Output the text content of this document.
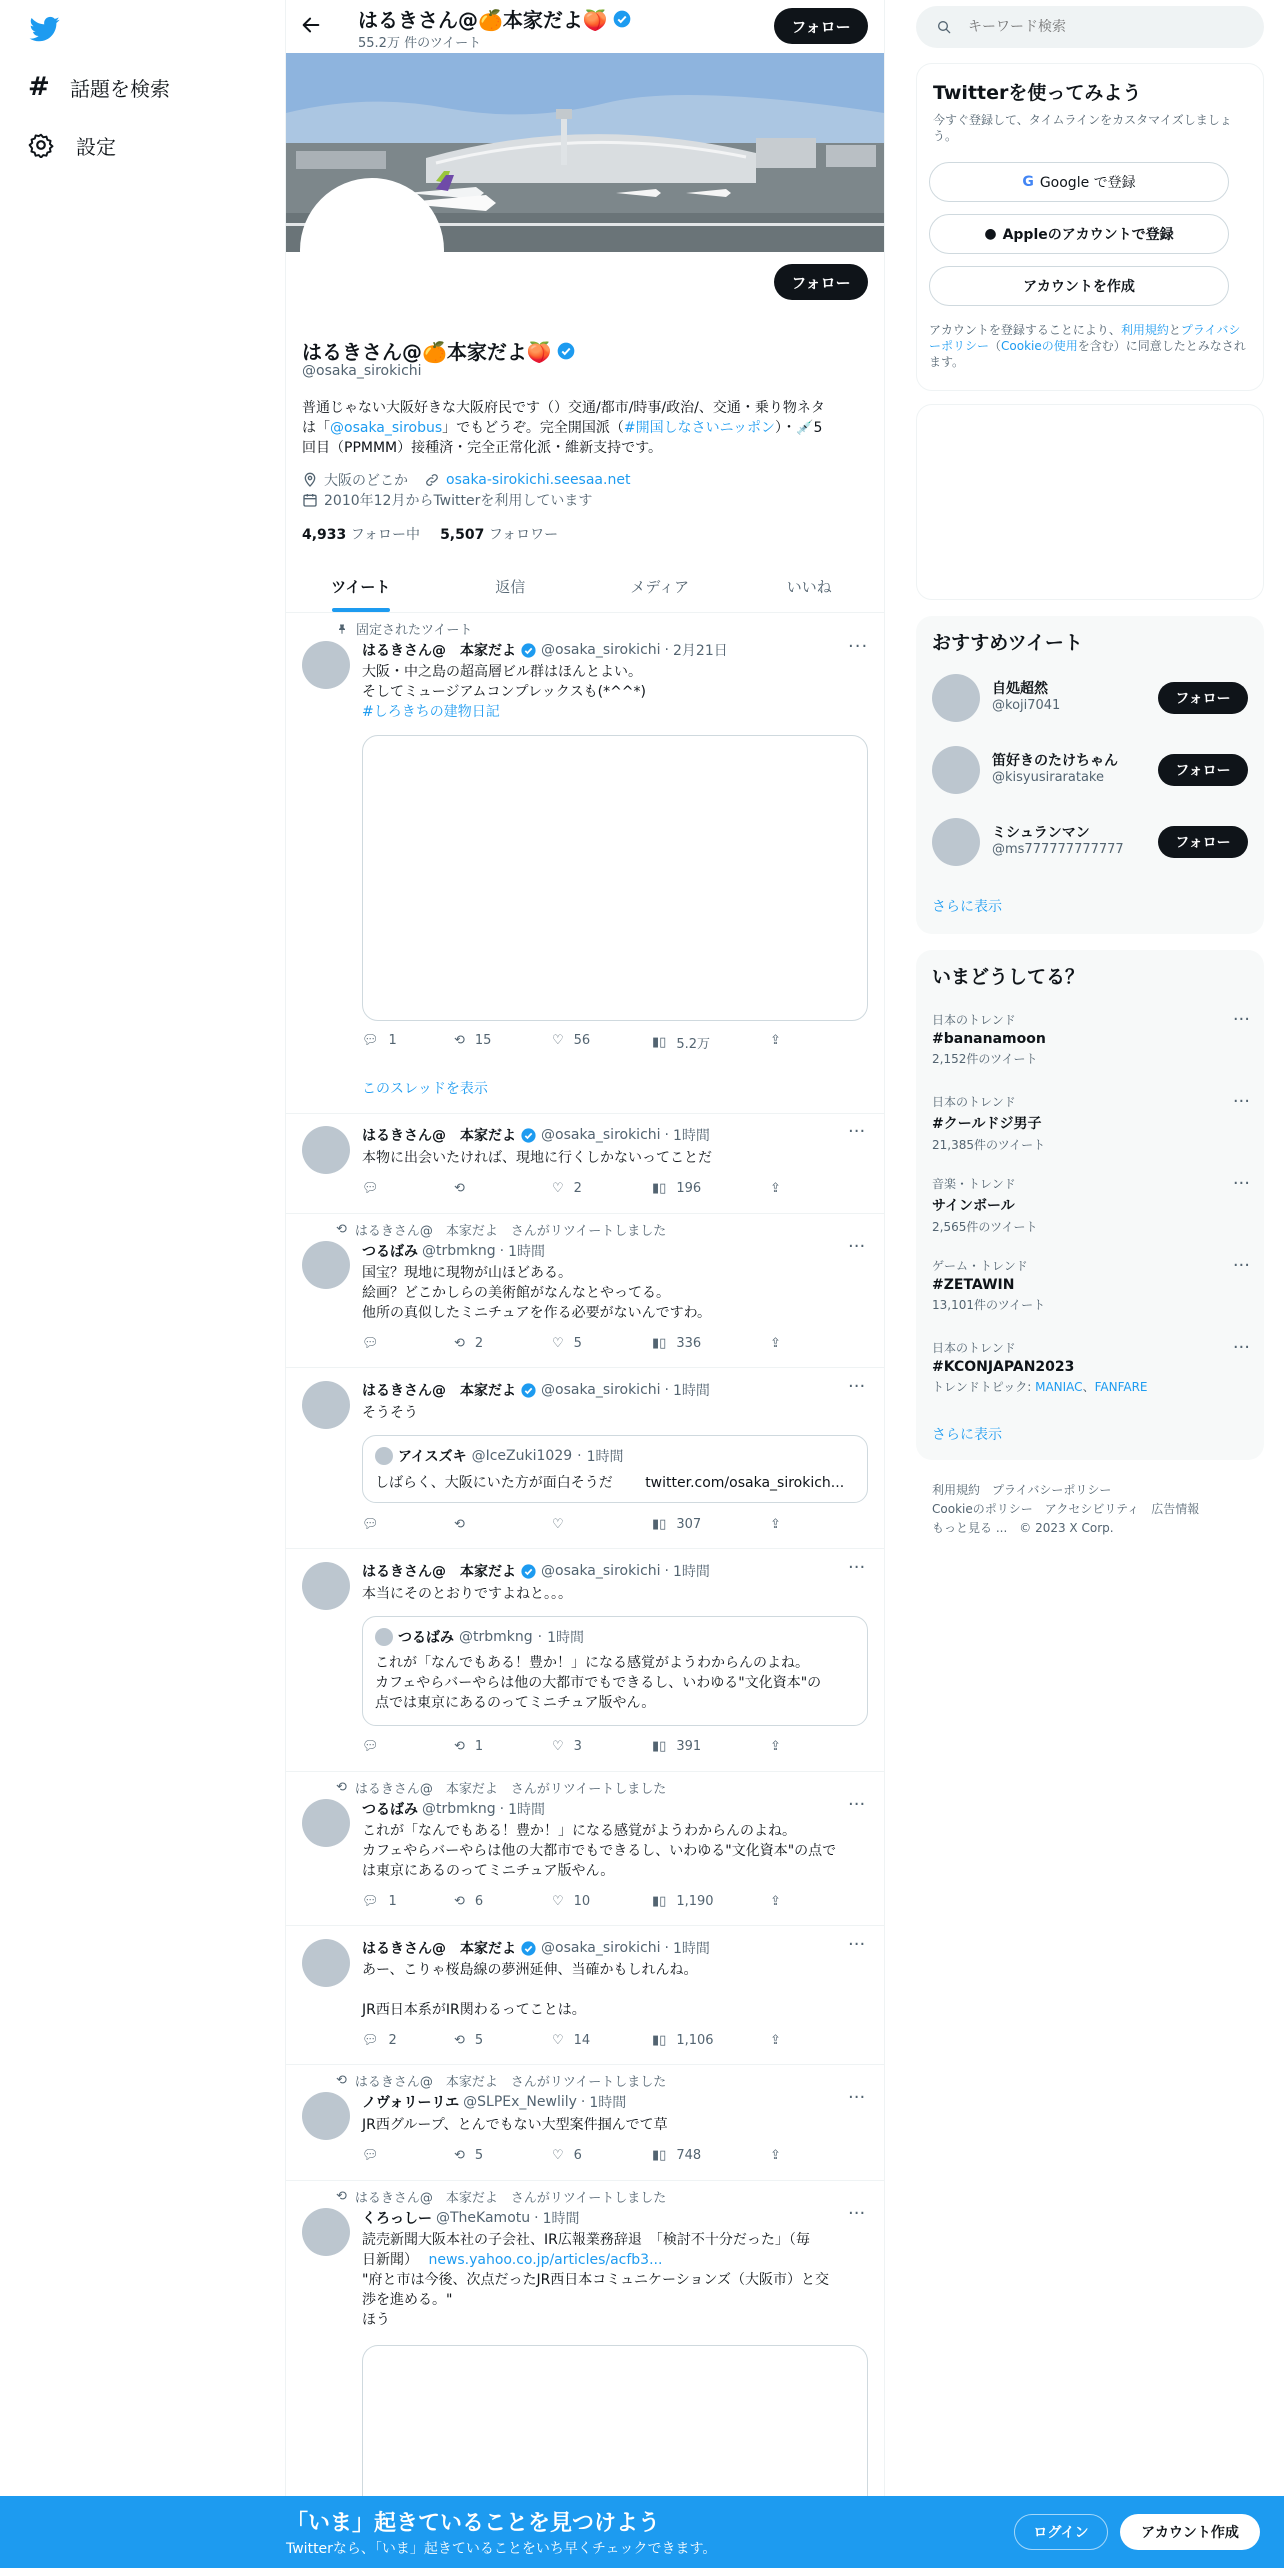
# 話題を検索
設定
はるきさん@🍊本家だよ🍑
55.2万 件のツイート
フォロー
フォロー
はるきさん@🍊本家だよ🍑
@osaka_sirokichi
普通じゃない大阪好きな大阪府民です（）交通/都市/時事/政治/、交通・乗り物ネタ
は「@osaka_sirobus」でもどうぞ。完全開国派（#開国しなさいニッポン）・💉5
回目（PPMMM）接種済・完全正常化派・維新支持です。
大阪のどこか	osaka-sirokichi.seesaa.net
2010年12月からTwitterを利用しています
4,933 フォロー中 5,507 フォロワー
ツイート	返信	メディア	いいね
固定されたツイート
はるきさん@　本家だよ @osaka_sirokichi · 2月21日	···
大阪・中之島の超高層ビル群はほんとよい。
そしてミュージアムコンプレックスも(*^^*)
#しろきちの建物日記
💬︎ 1	⟲ 15	♡ 56	▮▯ 5.2万	⇪
このスレッドを表示
はるきさん@　本家だよ @osaka_sirokichi · 1時間	···
本物に出会いたければ、現地に行くしかないってことだ
💬︎	⟲	♡ 2	▮▯ 196	⇪
⟲ はるきさん@　本家だよ　さんがリツイートしました
つるばみ @trbmkng · 1時間	···
国宝？現地に現物が山ほどある。
絵画？どこかしらの美術館がなんなとやってる。
他所の真似したミニチュアを作る必要がないんですわ。
💬︎	⟲ 2	♡ 5	▮▯ 336	⇪
はるきさん@　本家だよ @osaka_sirokichi · 1時間	···
そうそう
アイスズキ @IceZuki1029 · 1時間
しばらく、大阪にいた方が面白そうだ twitter.com/osaka_sirokich...
💬︎	⟲	♡	▮▯ 307	⇪
はるきさん@　本家だよ @osaka_sirokichi · 1時間	···
本当にそのとおりですよねと。。。
つるばみ @trbmkng · 1時間
これが「なんでもある！豊か！」になる感覚がようわからんのよね。
カフェやらバーやらは他の大都市でもできるし、いわゆる"文化資本"の
点では東京にあるのってミニチュア版やん。
💬︎	⟲ 1	♡ 3	▮▯ 391	⇪
⟲ はるきさん@　本家だよ　さんがリツイートしました
つるばみ @trbmkng · 1時間	···
これが「なんでもある！豊か！」になる感覚がようわからんのよね。
カフェやらバーやらは他の大都市でもできるし、いわゆる"文化資本"の点で
は東京にあるのってミニチュア版やん。
💬︎ 1	⟲ 6	♡ 10	▮▯ 1,190	⇪
はるきさん@　本家だよ @osaka_sirokichi · 1時間	···
あー、こりゃ桜島線の夢洲延伸、当確かもしれんね。
JR西日本系がIR関わるってことは。
💬︎ 2	⟲ 5	♡ 14	▮▯ 1,106	⇪
⟲ はるきさん@　本家だよ　さんがリツイートしました
ノヴォリーリエ @SLPEx_Newlily · 1時間	···
JR西グループ、とんでもない大型案件掴んでて草
💬︎	⟲ 5	♡ 6	▮▯ 748	⇪
⟲ はるきさん@　本家だよ　さんがリツイートしました
くろっしー @TheKamotu · 1時間	···
読売新聞大阪本社の子会社、IR広報業務辞退　「検討不十分だった」（毎
日新聞） news.yahoo.co.jp/articles/acfb3...
"府と市は今後、次点だったJR西日本コミュニケーションズ（大阪市）と交
渉を進める。"
ほう
キーワード検索
Twitterを使ってみよう
今すぐ登録して、タイムラインをカスタマイズしましょう。
G Google で登録
● Appleのアカウントで登録
アカウントを作成
アカウントを登録することにより、利用規約とプライバシーポリシー（Cookieの使用を含む）に同意したとみなされます。
おすすめツイート
自処超然
@koji7041	フォロー
笛好きのたけちゃん
@kisyusiraratake	フォロー
ミシュランマン
@ms777777777777	フォロー
さらに表示
いまどうしてる？
さらに表示
日本のトレンド
#bananamoon
2,152件のツイート
···
日本のトレンド
#クールドジ男子
21,385件のツイート
···
音楽・トレンド
サインボール
2,565件のツイート
···
ゲーム・トレンド
#ZETAWIN
13,101件のツイート
···
日本のトレンド
#KCONJAPAN2023
トレンドトピック: MANIAC、FANFARE
···
利用規約 プライバシーポリシー
Cookieのポリシー アクセシビリティ 広告情報
もっと見る ... © 2023 X Corp.
「いま」起きていることを見つけよう
Twitterなら、「いま」起きていることをいち早くチェックできます。
ログイン	アカウント作成
